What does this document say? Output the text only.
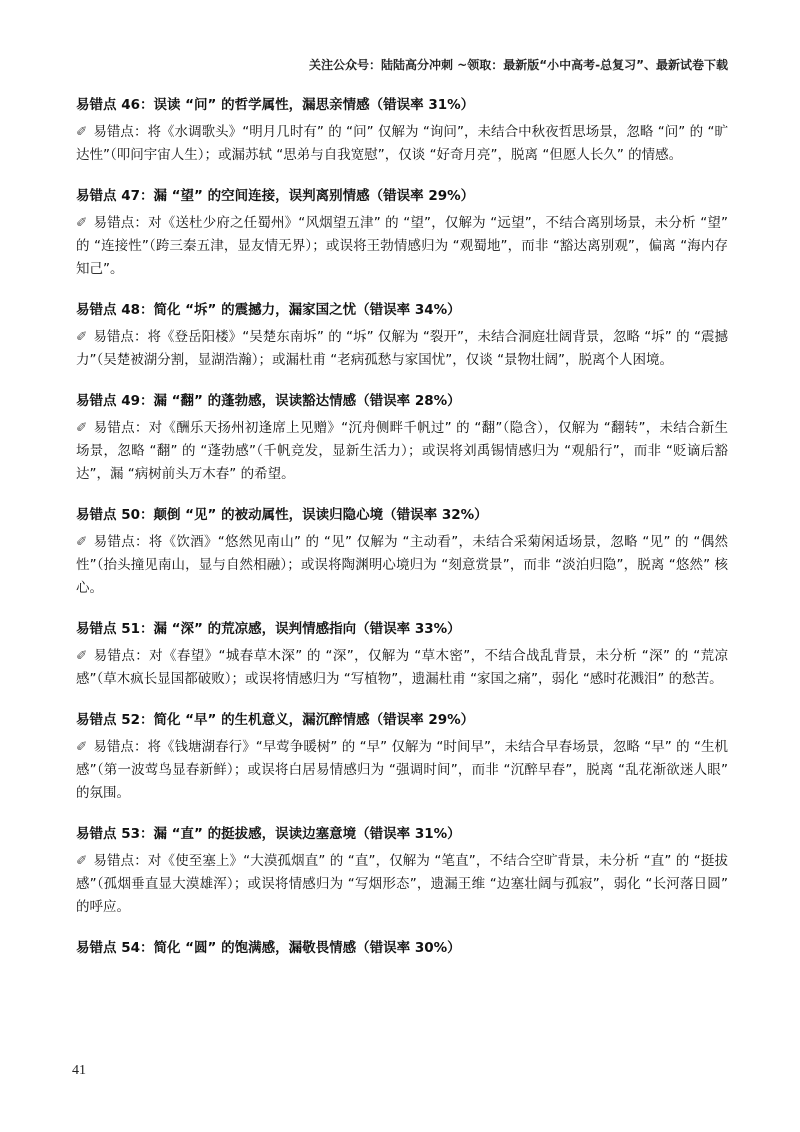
关注公众号：陆陆高分冲刺 ~领取：最新版“小中高考-总复习”、最新试卷下载
易错点 46：误读 “问” 的哲学属性，漏思亲情感（错误率 31%）

✐ 易错点：将《水调歌头》“明月几时有” 的 “问” 仅解为 “询问”，未结合中秋夜哲思场景，忽略 “问” 的 “旷达性”（叩问宇宙人生）；或漏苏轼 “思弟与自我宽慰”，仅谈 “好奇月亮”，脱离 “但愿人长久” 的情感。

易错点 47：漏 “望” 的空间连接，误判离别情感（错误率 29%）

✐ 易错点：对《送杜少府之任蜀州》“风烟望五津” 的 “望”，仅解为 “远望”，不结合离别场景，未分析 “望” 的 “连接性”（跨三秦五津，显友情无界）；或误将王勃情感归为 “观蜀地”，而非 “豁达离别观”，偏离 “海内存知己”。

易错点 48：简化 “坼” 的震撼力，漏家国之忧（错误率 34%）

✐ 易错点：将《登岳阳楼》“吴楚东南坼” 的 “坼” 仅解为 “裂开”，未结合洞庭壮阔背景，忽略 “坼” 的 “震撼力”（吴楚被湖分割，显湖浩瀚）；或漏杜甫 “老病孤愁与家国忧”，仅谈 “景物壮阔”，脱离个人困境。

易错点 49：漏 “翻” 的蓬勃感，误读豁达情感（错误率 28%）

✐ 易错点：对《酬乐天扬州初逢席上见赠》“沉舟侧畔千帆过” 的 “翻”（隐含），仅解为 “翻转”，未结合新生场景，忽略 “翻” 的 “蓬勃感”（千帆竞发，显新生活力）；或误将刘禹锡情感归为 “观船行”，而非 “贬谪后豁达”，漏 “病树前头万木春” 的希望。

易错点 50：颠倒 “见” 的被动属性，误读归隐心境（错误率 32%）

✐ 易错点：将《饮酒》“悠然见南山” 的 “见” 仅解为 “主动看”，未结合采菊闲适场景，忽略 “见” 的 “偶然性”（抬头撞见南山，显与自然相融）；或误将陶渊明心境归为 “刻意赏景”，而非 “淡泊归隐”，脱离 “悠然” 核心。

易错点 51：漏 “深” 的荒凉感，误判情感指向（错误率 33%）

✐ 易错点：对《春望》“城春草木深” 的 “深”，仅解为 “草木密”，不结合战乱背景，未分析 “深” 的 “荒凉感”（草木疯长显国都破败）；或误将情感归为 “写植物”，遗漏杜甫 “家国之痛”，弱化 “感时花溅泪” 的愁苦。

易错点 52：简化 “早” 的生机意义，漏沉醉情感（错误率 29%）

✐ 易错点：将《钱塘湖春行》“早莺争暖树” 的 “早” 仅解为 “时间早”，未结合早春场景，忽略 “早” 的 “生机感”（第一波莺鸟显春新鲜）；或误将白居易情感归为 “强调时间”，而非 “沉醉早春”，脱离 “乱花渐欲迷人眼” 的氛围。

易错点 53：漏 “直” 的挺拔感，误读边塞意境（错误率 31%）

✐ 易错点：对《使至塞上》“大漠孤烟直” 的 “直”，仅解为 “笔直”，不结合空旷背景，未分析 “直” 的 “挺拔感”（孤烟垂直显大漠雄浑）；或误将情感归为 “写烟形态”，遗漏王维 “边塞壮阔与孤寂”，弱化 “长河落日圆” 的呼应。

易错点 54：简化 “圆” 的饱满感，漏敬畏情感（错误率 30%）
41
